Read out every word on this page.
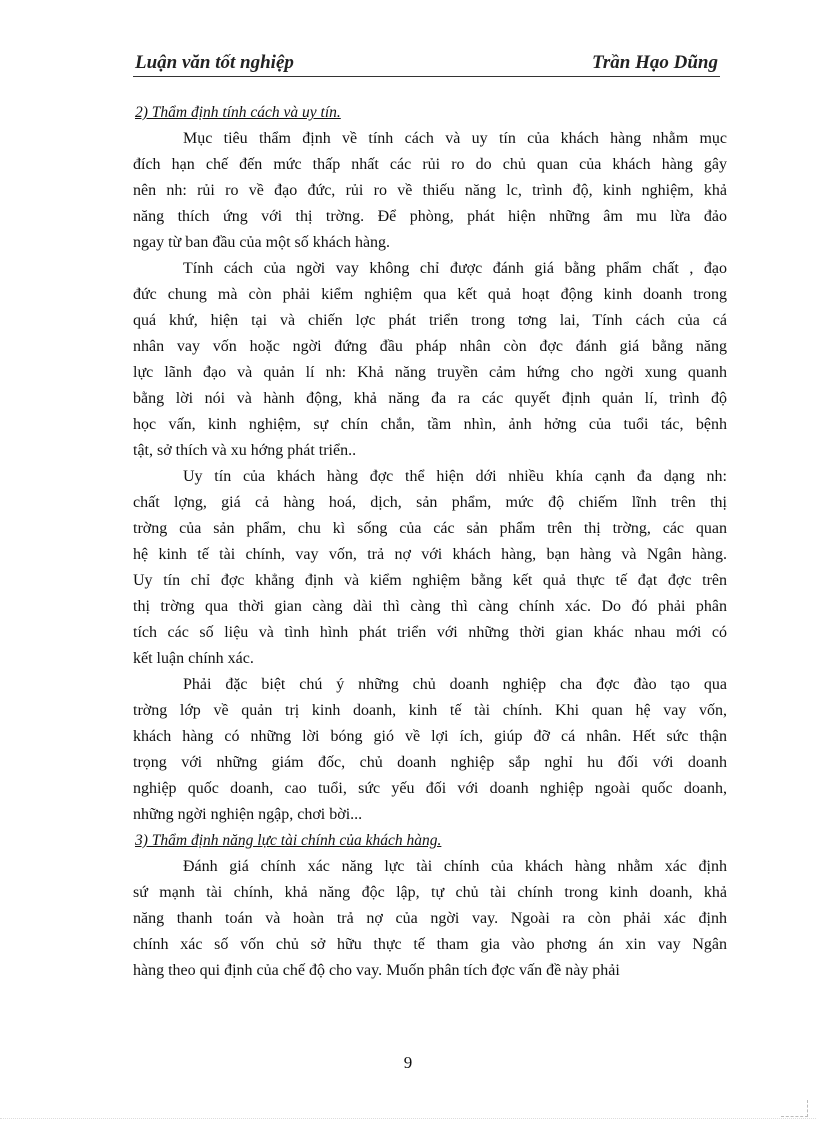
Luận văn tốt nghiệp	Trần Hạo Dũng

2) Thẩm định tính cách và uy tín.

Mục tiêu thẩm định về tính cách và uy tín của khách hàng nhằm mục
đích hạn chế đến mức thấp nhất các rủi ro do chủ quan của khách hàng gây
nên nh: rủi ro về đạo đức, rủi ro về thiếu năng lc, trình độ, kinh nghiệm, khả
năng thích ứng với thị trờng. Để phòng, phát hiện những âm mu lừa đảo
ngay từ ban đầu của một số khách hàng.
Tính cách của ngời vay không chỉ được đánh giá bằng phẩm chất , đạo
đức chung mà còn phải kiểm nghiệm qua kết quả hoạt động kinh doanh trong
quá khứ, hiện tại và chiến lợc phát triển trong tơng lai, Tính cách của cá
nhân vay vốn hoặc ngời đứng đầu pháp nhân còn đợc đánh giá bằng năng
lực lãnh đạo và quản lí nh: Khả năng truyền cảm hứng cho ngời xung quanh
bằng lời nói và hành động, khả năng đa ra các quyết định quản lí, trình độ
học vấn, kinh nghiệm, sự chín chắn, tầm nhìn, ảnh hởng của tuổi tác, bệnh
tật, sở thích và xu hớng phát triển..
Uy tín của khách hàng đợc thể hiện dới nhiều khía cạnh đa dạng nh:
chất lợng, giá cả hàng hoá, dịch, sản phẩm, mức độ chiếm lĩnh trên thị
trờng của sản phẩm, chu kì sống của các sản phẩm trên thị trờng, các quan
hệ kinh tế tài chính, vay vốn, trả nợ với khách hàng, bạn hàng và Ngân hàng.
Uy tín chỉ đợc khẳng định và kiểm nghiệm bằng kết quả thực tế đạt đợc trên
thị trờng qua thời gian càng dài thì càng thì càng chính xác. Do đó phải phân
tích các số liệu và tình hình phát triển với những thời gian khác nhau mới có
kết luận chính xác.
Phải đặc biệt chú ý những chủ doanh nghiệp cha đợc đào tạo qua
trờng lớp về quản trị kinh doanh, kinh tế tài chính. Khi quan hệ vay vốn,
khách hàng có những lời bóng gió về lợi ích, giúp đỡ cá nhân. Hết sức thận
trọng với những giám đốc, chủ doanh nghiệp sắp nghỉ hu đối với doanh
nghiệp quốc doanh, cao tuổi, sức yếu đối với doanh nghiệp ngoài quốc doanh,
những ngời nghiện ngập, chơi bời...

3) Thẩm định năng lực tài chính của khách hàng.

Đánh giá chính xác năng lực tài chính của khách hàng nhằm xác định
sứ mạnh tài chính, khả năng độc lập, tự chủ tài chính trong kinh doanh, khả
năng thanh toán và hoàn trả nợ của ngời vay. Ngoài ra còn phải xác định
chính xác số vốn chủ sở hữu thực tế tham gia vào phơng án xin vay Ngân
hàng theo qui định của chế độ cho vay. Muốn phân tích đợc vấn đề này phải
9
